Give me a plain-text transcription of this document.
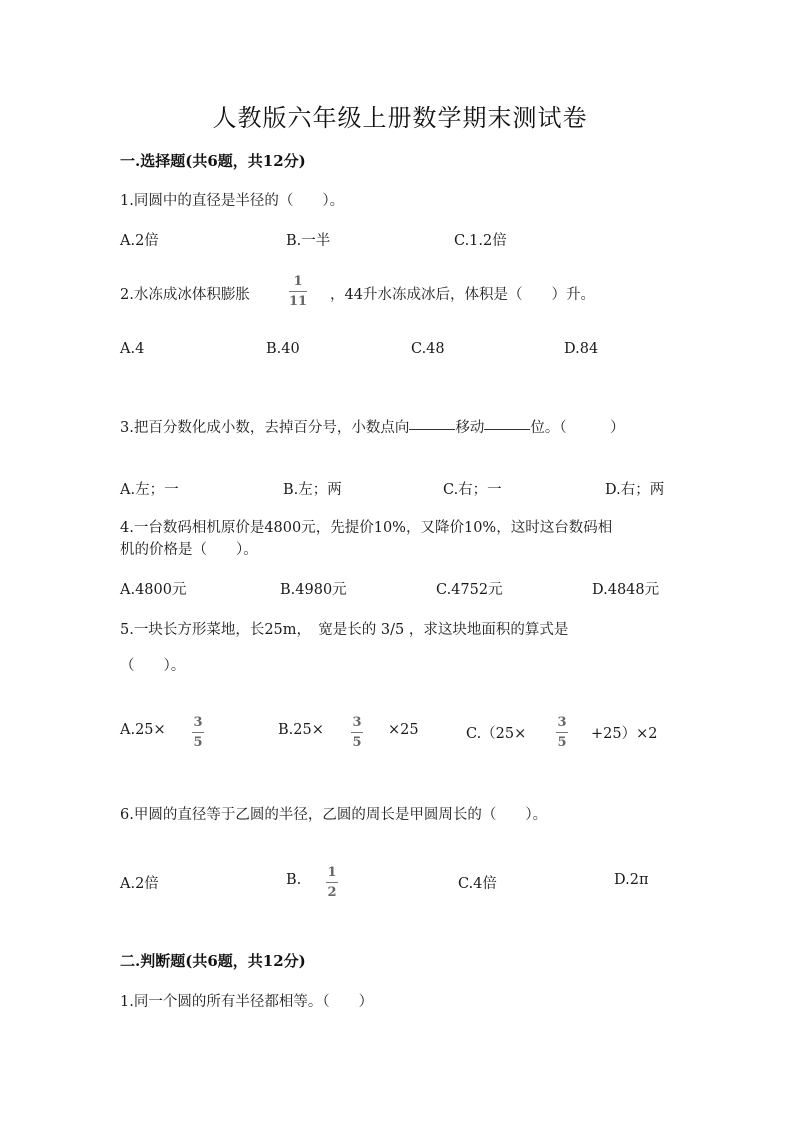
人教版六年级上册数学期末测试卷
一.选择题(共6题，共12分)
1.同圆中的直径是半径的（　　）。
A.2倍	B.一半	C.1.2倍
2.水冻成冰体积膨胀
1
11 ，44升水冻成冰后，体积是（　　）升。
A.4	B.40	C.48	D.84
3.把百分数化成小数，去掉百分号，小数点向	移动	位。（　　　）
A.左；一	B.左；两	C.右；一	D.右；两
4.一台数码相机原价是4800元，先提价10%，又降价10%，这时这台数码相
机的价格是（　　）。
A.4800元	B.4980元	C.4752元	D.4848元
5.一块长方形菜地，长25m，　宽是长的 3/5 ，求这块地面积的算式是
（　　）。
A.25× 3
5
B.25× 3
5
×25	C.（25×
3
5
+25）×2
6.甲圆的直径等于乙圆的半径，乙圆的周长是甲圆周长的（　　）。
A.2倍	B. 1
2
C.4倍	D.2π
二.判断题(共6题，共12分)
1.同一个圆的所有半径都相等。（　　）
